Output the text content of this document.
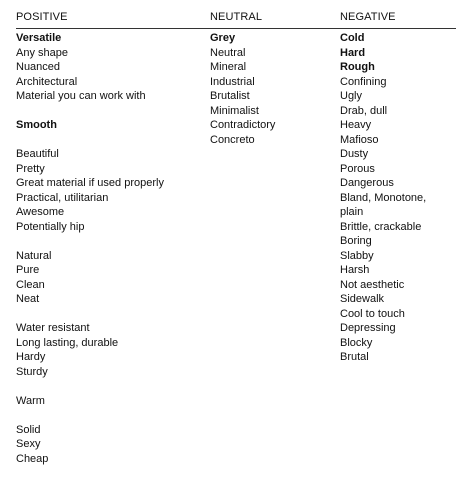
POSITIVE	NEUTRAL	NEGATIVE
Versatile
Any shape
Nuanced
Architectural
Material you can work with
Smooth
Beautiful
Pretty
Great material if used properly
Practical, utilitarian
Awesome
Potentially hip
Natural
Pure
Clean
Neat
Water resistant
Long lasting, durable
Hardy
Sturdy
Warm
Solid
Sexy
Cheap
Grey
Neutral
Mineral
Industrial
Brutalist
Minimalist
Contradictory
Concreto
Cold
Hard
Rough
Confining
Ugly
Drab, dull
Heavy
Mafioso
Dusty
Porous
Dangerous
Bland, Monotone,
plain
Brittle, crackable
Boring
Slabby
Harsh
Not aesthetic
Sidewalk
Cool to touch
Depressing
Blocky
Brutal
